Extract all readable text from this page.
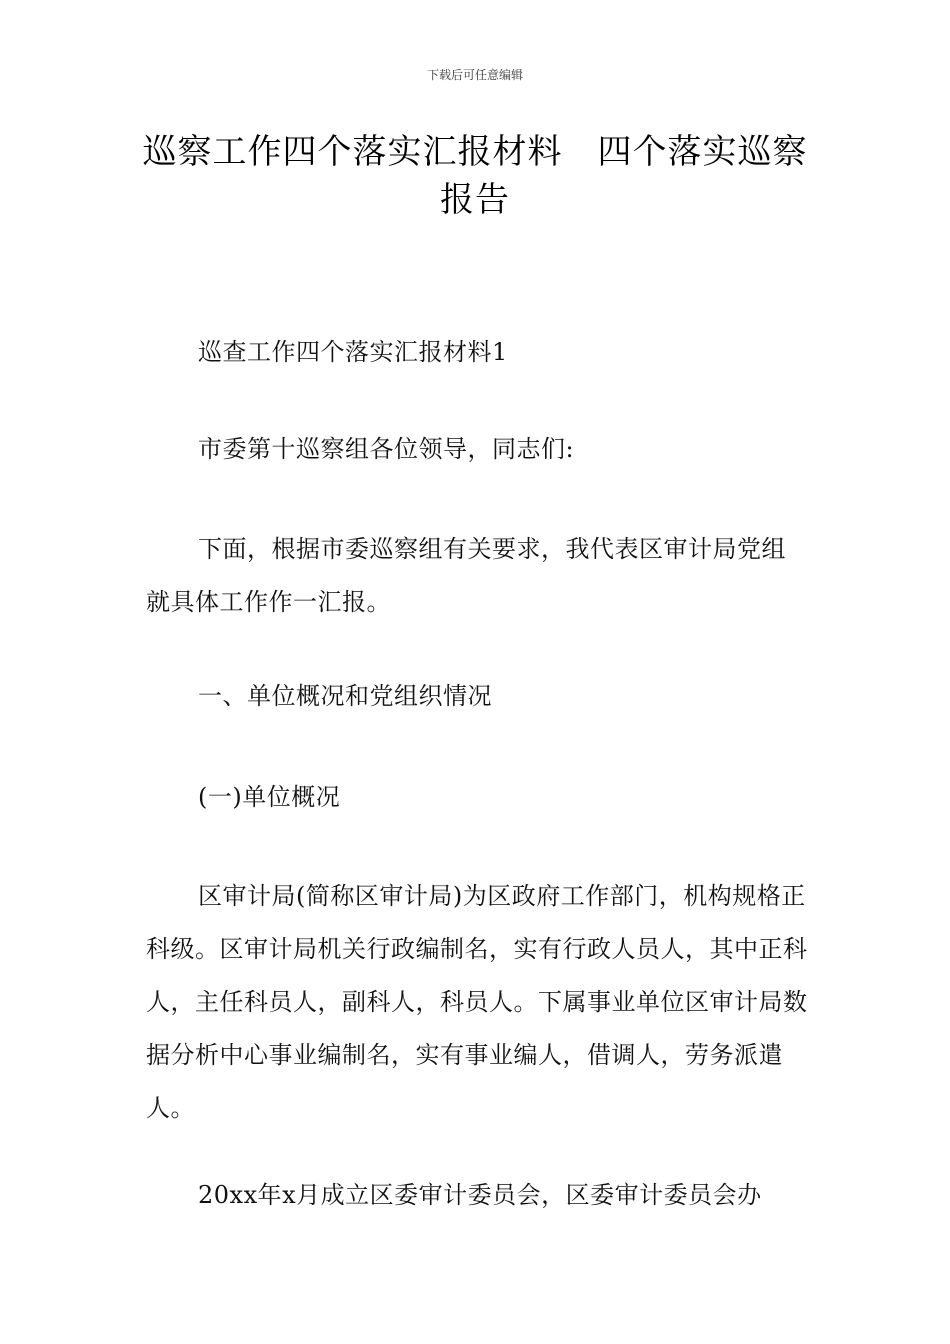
下载后可任意编辑
巡察工作四个落实汇报材料　四个落实巡察报告
巡查工作四个落实汇报材料1
市委第十巡察组各位领导，同志们:
下面，根据市委巡察组有关要求，我代表区审计局党组就具体工作作一汇报。
一、单位概况和党组织情况
(一)单位概况
区审计局(简称区审计局)为区政府工作部门，机构规格正科级。区审计局机关行政编制名，实有行政人员人，其中正科人，主任科员人，副科人，科员人。下属事业单位区审计局数据分析中心事业编制名，实有事业编人，借调人，劳务派遣人。
20xx年x月成立区委审计委员会，区委审计委员会办
